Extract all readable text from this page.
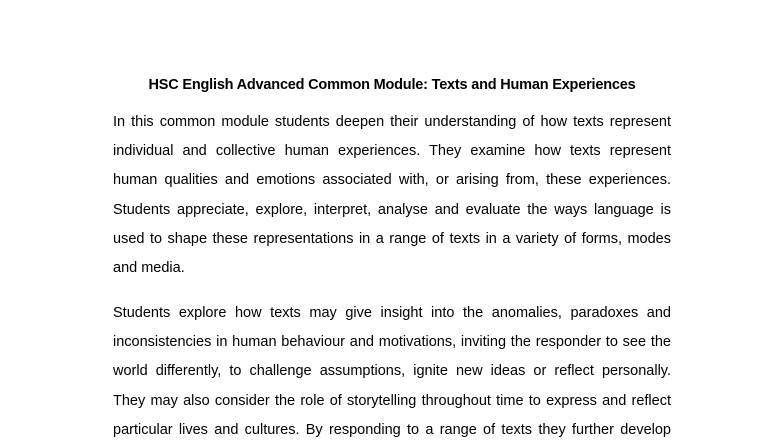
HSC English Advanced Common Module: Texts and Human Experiences
In this common module students deepen their understanding of how texts represent
individual and collective human experiences. They examine how texts represent
human qualities and emotions associated with, or arising from, these experiences.
Students appreciate, explore, interpret, analyse and evaluate the ways language is
used to shape these representations in a range of texts in a variety of forms, modes
and media.
Students explore how texts may give insight into the anomalies, paradoxes and
inconsistencies in human behaviour and motivations, inviting the responder to see the
world differently, to challenge assumptions, ignite new ideas or reflect personally.
They may also consider the role of storytelling throughout time to express and reflect
particular lives and cultures. By responding to a range of texts they further develop
